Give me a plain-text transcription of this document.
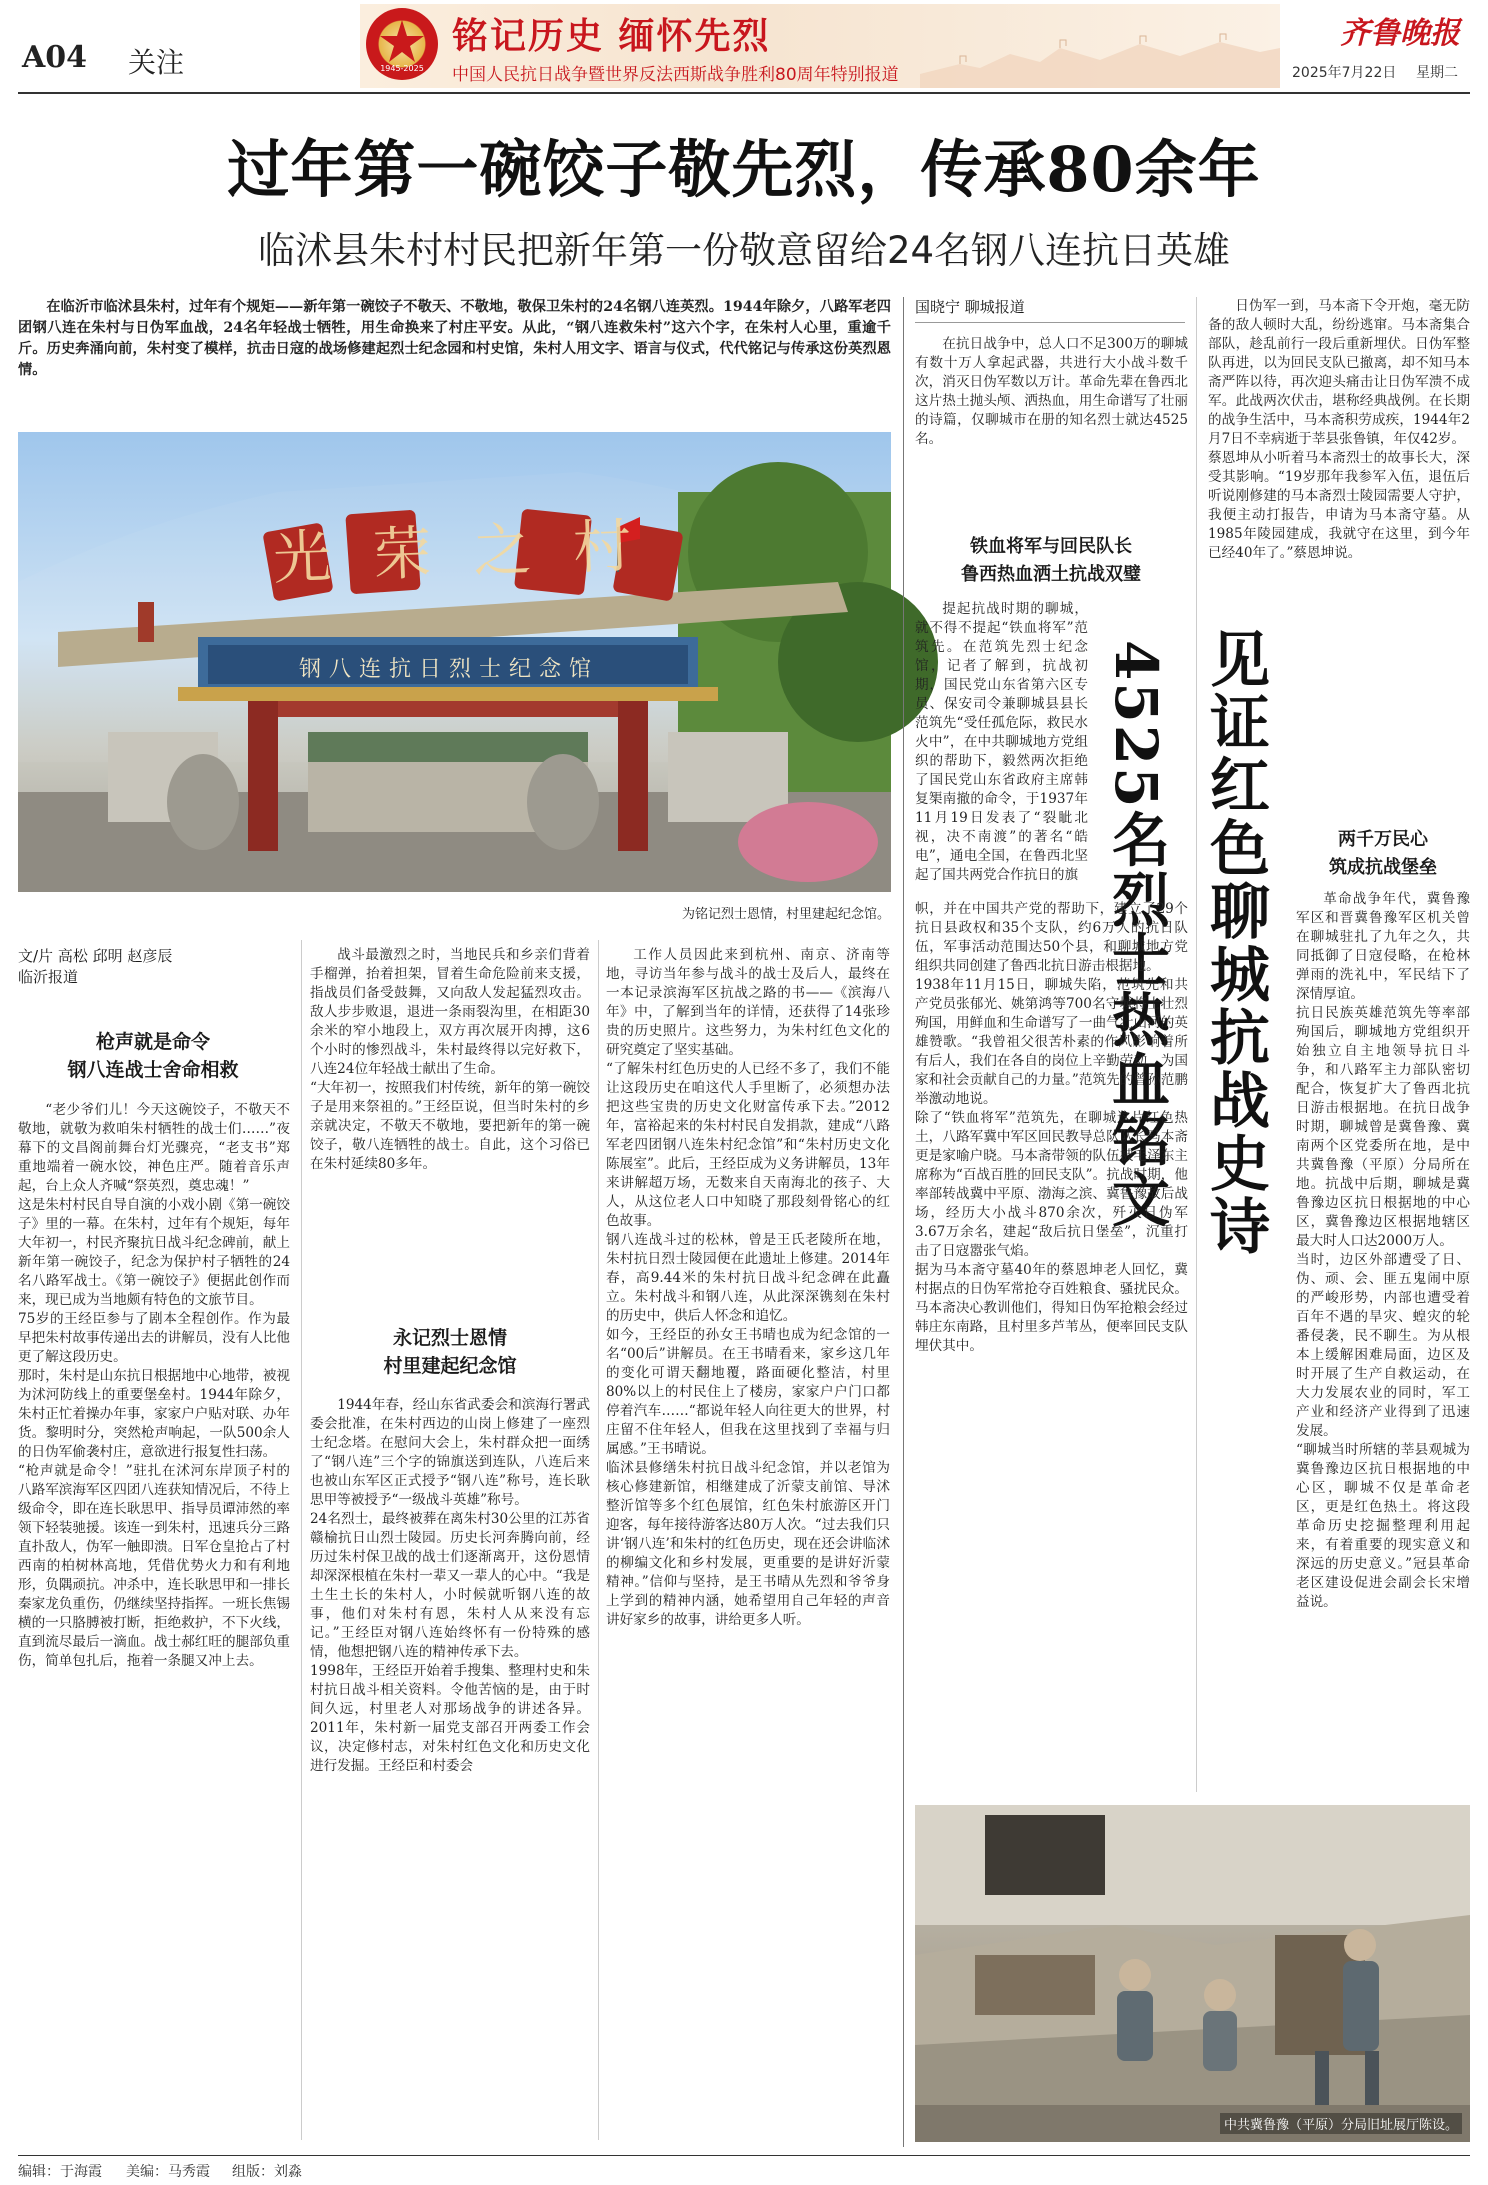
A04 关注	1945-2025
铭记历史 缅怀先烈
中国人民抗日战争暨世界反法西斯战争胜利80周年特别报道
齐鲁晚报
2025年7月22日 星期二
过年第一碗饺子敬先烈，传承80余年
临沭县朱村村民把新年第一份敬意留给24名钢八连抗日英雄
在临沂市临沭县朱村，过年有个规矩——新年第一碗饺子不敬天、不敬地，敬保卫朱村的24名钢八连英烈。1944年除夕，八路军老四团钢八连在朱村与日伪军血战，24名年轻战士牺牲，用生命换来了村庄平安。从此，“钢八连救朱村”这六个字，在朱村人心里，重逾千斤。历史奔涌向前，朱村变了模样，抗击日寇的战场修建起烈士纪念园和村史馆，朱村人用文字、语言与仪式，代代铭记与传承这份英烈恩情。
光荣之村
钢八连抗日烈士纪念馆
为铭记烈士恩情，村里建起纪念馆。
文/片 高松 邱明 赵彦辰
临沂报道
枪声就是命令
钢八连战士舍命相救
“老少爷们儿！今天这碗饺子，不敬天不敬地，就敬为救咱朱村牺牲的战士们……”夜幕下的文昌阁前舞台灯光骤亮，“老支书”郑重地端着一碗水饺，神色庄严。随着音乐声起，台上众人齐喊“祭英烈，奠忠魂！”
这是朱村村民自导自演的小戏小剧《第一碗饺子》里的一幕。在朱村，过年有个规矩，每年大年初一，村民齐聚抗日战斗纪念碑前，献上新年第一碗饺子，纪念为保护村子牺牲的24名八路军战士。《第一碗饺子》便据此创作而来，现已成为当地颇有特色的文旅节目。
75岁的王经臣参与了剧本全程创作。作为最早把朱村故事传递出去的讲解员，没有人比他更了解这段历史。
那时，朱村是山东抗日根据地中心地带，被视为沭河防线上的重要堡垒村。1944年除夕，朱村正忙着操办年事，家家户户贴对联、办年货。黎明时分，突然枪声响起，一队500余人的日伪军偷袭村庄，意欲进行报复性扫荡。
“枪声就是命令！”驻扎在沭河东岸顶子村的八路军滨海军区四团八连获知情况后，不待上级命令，即在连长耿思甲、指导员谭沛然的率领下轻装驰援。该连一到朱村，迅速兵分三路直扑敌人，伪军一触即溃。日军仓皇抢占了村西南的柏树林高地，凭借优势火力和有利地形，负隅顽抗。冲杀中，连长耿思甲和一排长秦家龙负重伤，仍继续坚持指挥。一班长焦锡横的一只胳膊被打断，拒绝救护，不下火线，直到流尽最后一滴血。战士郝红旺的腿部负重伤，简单包扎后，拖着一条腿又冲上去。
战斗最激烈之时，当地民兵和乡亲们背着手榴弹，抬着担架，冒着生命危险前来支援，指战员们备受鼓舞，又向敌人发起猛烈攻击。敌人步步败退，退进一条雨裂沟里，在相距30余米的窄小地段上，双方再次展开肉搏，这6个小时的惨烈战斗，朱村最终得以完好救下，八连24位年轻战士献出了生命。
“大年初一，按照我们村传统，新年的第一碗饺子是用来祭祖的。”王经臣说，但当时朱村的乡亲就决定，不敬天不敬地，要把新年的第一碗饺子，敬八连牺牲的战士。自此，这个习俗已在朱村延续80多年。
永记烈士恩情
村里建起纪念馆
1944年春，经山东省武委会和滨海行署武委会批准，在朱村西边的山岗上修建了一座烈士纪念塔。在慰问大会上，朱村群众把一面绣了“钢八连”三个字的锦旗送到连队，八连后来也被山东军区正式授予“钢八连”称号，连长耿思甲等被授予“一级战斗英雄”称号。
24名烈士，最终被葬在离朱村30公里的江苏省赣榆抗日山烈士陵园。历史长河奔腾向前，经历过朱村保卫战的战士们逐渐离开，这份恩情却深深根植在朱村一辈又一辈人的心中。“我是土生土长的朱村人，小时候就听钢八连的故事，他们对朱村有恩，朱村人从来没有忘记。”王经臣对钢八连始终怀有一份特殊的感情，他想把钢八连的精神传承下去。
1998年，王经臣开始着手搜集、整理村史和朱村抗日战斗相关资料。令他苦恼的是，由于时间久远，村里老人对那场战争的讲述各异。2011年，朱村新一届党支部召开两委工作会议，决定修村志，对朱村红色文化和历史文化进行发掘。王经臣和村委会
工作人员因此来到杭州、南京、济南等地，寻访当年参与战斗的战士及后人，最终在一本记录滨海军区抗战之路的书——《滨海八年》中，了解到当年的详情，还获得了14张珍贵的历史照片。这些努力，为朱村红色文化的研究奠定了坚实基础。
“了解朱村红色历史的人已经不多了，我们不能让这段历史在咱这代人手里断了，必须想办法把这些宝贵的历史文化财富传承下去。”2012年，富裕起来的朱村村民自发捐款，建成“八路军老四团钢八连朱村纪念馆”和“朱村历史文化陈展室”。此后，王经臣成为义务讲解员，13年来讲解超万场，无数来自天南海北的孩子、大人，从这位老人口中知晓了那段刻骨铭心的红色故事。
钢八连战斗过的松林，曾是王氏老陵所在地，朱村抗日烈士陵园便在此遗址上修建。2014年春，高9.44米的朱村抗日战斗纪念碑在此矗立。朱村战斗和钢八连，从此深深镌刻在朱村的历史中，供后人怀念和追忆。
如今，王经臣的孙女王书晴也成为纪念馆的一名“00后”讲解员。在王书晴看来，家乡这几年的变化可谓天翻地覆，路面硬化整洁，村里80%以上的村民住上了楼房，家家户户门口都停着汽车……“都说年轻人向往更大的世界，村庄留不住年轻人，但我在这里找到了幸福与归属感。”王书晴说。
临沭县修缮朱村抗日战斗纪念馆，并以老馆为核心修建新馆，相继建成了沂蒙支前馆、导沭整沂馆等多个红色展馆，红色朱村旅游区开门迎客，每年接待游客达80万人次。“过去我们只讲‘钢八连’和朱村的红色历史，现在还会讲临沭的柳编文化和乡村发展，更重要的是讲好沂蒙精神。”信仰与坚持，是王书晴从先烈和爷爷身上学到的精神内涵，她希望用自己年轻的声音讲好家乡的故事，讲给更多人听。
国晓宁 聊城报道
在抗日战争中，总人口不足300万的聊城有数十万人拿起武器，共进行大小战斗数千次，消灭日伪军数以万计。革命先辈在鲁西北这片热土抛头颅、洒热血，用生命谱写了壮丽的诗篇，仅聊城市在册的知名烈士就达4525名。
铁血将军与回民队长
鲁西热血洒土抗战双璧
提起抗战时期的聊城，就不得不提起“铁血将军”范筑先。在范筑先烈士纪念馆，记者了解到，抗战初期，国民党山东省第六区专员、保安司令兼聊城县县长范筑先“受任孤危际，救民水火中”，在中共聊城地方党组织的帮助下，毅然两次拒绝了国民党山东省政府主席韩复榘南撤的命令，于1937年11月19日发表了“裂眦北视，决不南渡”的著名“皓电”，通电全国，在鲁西北坚起了国共两党合作抗日的旗 4525名烈士热血铭文 见证红色聊城抗战史诗
日伪军一到，马本斋下令开炮，毫无防备的敌人顿时大乱，纷纷逃窜。马本斋集合部队，趁乱前行一段后重新埋伏。日伪军整队再进，以为回民支队已撤离，却不知马本斋严阵以待，再次迎头痛击让日伪军溃不成军。此战两次伏击，堪称经典战例。在长期的战争生活中，马本斋积劳成疾，1944年2月7日不幸病逝于莘县张鲁镇，年仅42岁。
蔡恩坤从小听着马本斋烈士的故事长大，深受其影响。“19岁那年我参军入伍，退伍后听说刚修建的马本斋烈士陵园需要人守护，我便主动打报告，申请为马本斋守墓。从1985年陵园建成，我就守在这里，到今年已经40年了。”蔡恩坤说。
两千万民心
筑成抗战堡垒
革命战争年代，冀鲁豫军区和晋冀鲁豫军区机关曾在聊城驻扎了九年之久，共同抵御了日寇侵略，在枪林弹雨的洗礼中，军民结下了深情厚谊。
抗日民族英雄范筑先等率部殉国后，聊城地方党组织开始独立自主地领导抗日斗争，和八路军主力部队密切配合，恢复扩大了鲁西北抗日游击根据地。在抗日战争时期，聊城曾是冀鲁豫、冀南两个区党委所在地，是中共冀鲁豫（平原）分局所在地。抗战中后期，聊城是冀鲁豫边区抗日根据地的中心区，冀鲁豫边区根据地辖区最大时人口达2000万人。
当时，边区外部遭受了日、伪、顽、会、匪五鬼闹中原的严峻形势，内部也遭受着百年不遇的旱灾、蝗灾的轮番侵袭，民不聊生。为从根本上缓解困难局面，边区及时开展了生产自救运动，在大力发展农业的同时，军工产业和经济产业得到了迅速发展。
“聊城当时所辖的莘县观城为冀鲁豫边区抗日根据地的中心区，聊城不仅是革命老区，更是红色热土。将这段革命历史挖掘整理利用起来，有着重要的现实意义和深远的历史意义。”冠县革命老区建设促进会副会长宋增益说。
帜，并在中国共产党的帮助下，建立了29个抗日县政权和35个支队，约6万人的抗日队伍，军事活动范围达50个县，和聊城地方党组织共同创建了鲁西北抗日游击根据地。
1938年11月15日，聊城失陷，范筑先和共产党员张郁光、姚第鸿等700名守城将士壮烈殉国，用鲜血和生命谱写了一曲气壮山河的英雄赞歌。“我曾祖父很苦朴素的作风影响着所有后人，我们在各自的岗位上辛勤劳动，为国家和社会贡献自己的力量。”范筑先的曾孙范鹏举激动地说。
除了“铁血将军”范筑先，在聊城这片红色热土，八路军冀中军区回民教导总队队长马本斋更是家喻户晓。马本斋带领的队伍被毛泽东主席称为“百战百胜的回民支队”。抗战时期，他率部转战冀中平原、渤海之滨、冀鲁豫故后战场，经历大小战斗870余次，歼灭日伪军3.67万余名，建起“敌后抗日堡垒”，沉重打击了日寇嚣张气焰。
据为马本斋守墓40年的蔡恩坤老人回忆，冀村据点的日伪军常抢夺百姓粮食、骚扰民众。马本斋决心教训他们，得知日伪军抢粮会经过韩庄东南路，且村里多芦苇丛，便率回民支队埋伏其中。
中共冀鲁豫（平原）分局旧址展厅陈设。
编辑：于海霞 美编：马秀霞 组版：刘淼
